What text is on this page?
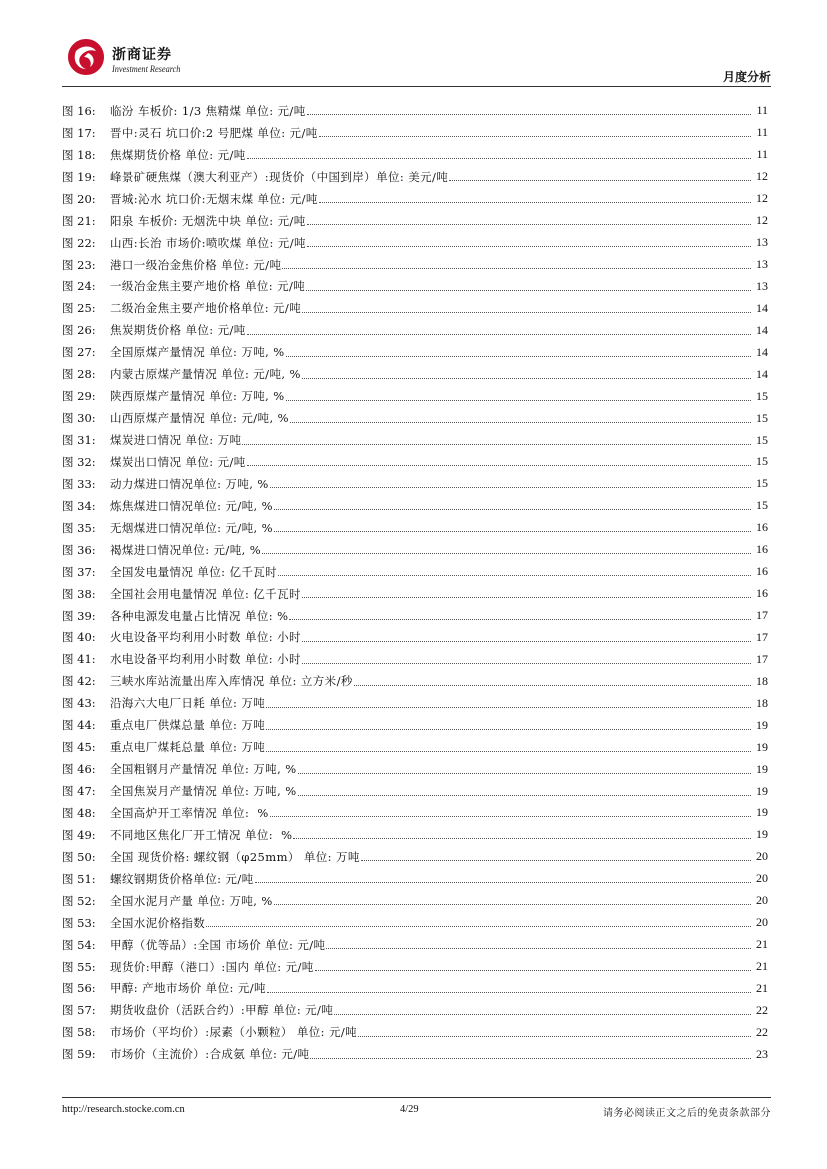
浙商证券
Investment Research
月度分析
图 16:	临汾 车板价: 1/3 焦精煤 单位: 元/吨	11
图 17:	晋中:灵石 坑口价:2 号肥煤 单位: 元/吨	11
图 18:	焦煤期货价格 单位: 元/吨	11
图 19:	峰景矿硬焦煤（澳大利亚产）:现货价（中国到岸）单位: 美元/吨	12
图 20:	晋城:沁水 坑口价:无烟末煤 单位: 元/吨	12
图 21:	阳泉 车板价: 无烟洗中块 单位: 元/吨	12
图 22:	山西:长治 市场价:喷吹煤 单位: 元/吨	13
图 23:	港口一级冶金焦价格 单位: 元/吨	13
图 24:	一级冶金焦主要产地价格 单位: 元/吨	13
图 25:	二级冶金焦主要产地价格单位: 元/吨	14
图 26:	焦炭期货价格 单位: 元/吨	14
图 27:	全国原煤产量情况 单位: 万吨, %	14
图 28:	内蒙古原煤产量情况 单位: 元/吨, %	14
图 29:	陕西原煤产量情况 单位: 万吨, %	15
图 30:	山西原煤产量情况 单位: 元/吨, %	15
图 31:	煤炭进口情况 单位: 万吨	15
图 32:	煤炭出口情况 单位: 元/吨	15
图 33:	动力煤进口情况单位: 万吨, %	15
图 34:	炼焦煤进口情况单位: 元/吨, %	15
图 35:	无烟煤进口情况单位: 元/吨, %	16
图 36:	褐煤进口情况单位: 元/吨, %	16
图 37:	全国发电量情况 单位: 亿千瓦时	16
图 38:	全国社会用电量情况 单位: 亿千瓦时	16
图 39:	各种电源发电量占比情况 单位: %	17
图 40:	火电设备平均利用小时数 单位: 小时	17
图 41:	水电设备平均利用小时数 单位: 小时	17
图 42:	三峡水库站流量出库入库情况 单位: 立方米/秒	18
图 43:	沿海六大电厂日耗 单位: 万吨	18
图 44:	重点电厂供煤总量 单位: 万吨	19
图 45:	重点电厂煤耗总量 单位: 万吨	19
图 46:	全国粗钢月产量情况 单位: 万吨, %	19
图 47:	全国焦炭月产量情况 单位: 万吨, %	19
图 48:	全国高炉开工率情况 单位:  %	19
图 49:	不同地区焦化厂开工情况 单位:  %	19
图 50:	全国 现货价格: 螺纹钢（φ25mm） 单位: 万吨	20
图 51:	螺纹钢期货价格单位: 元/吨	20
图 52:	全国水泥月产量 单位: 万吨, %	20
图 53:	全国水泥价格指数	20
图 54:	甲醇（优等品）:全国 市场价 单位: 元/吨	21
图 55:	现货价:甲醇（港口）:国内 单位: 元/吨	21
图 56:	甲醇: 产地市场价 单位: 元/吨	21
图 57:	期货收盘价（活跃合约）:甲醇 单位: 元/吨	22
图 58:	市场价（平均价）:尿素（小颗粒） 单位: 元/吨	22
图 59:	市场价（主流价）:合成氨 单位: 元/吨	23
http://research.stocke.com.cn	4/29	请务必阅读正文之后的免责条款部分
